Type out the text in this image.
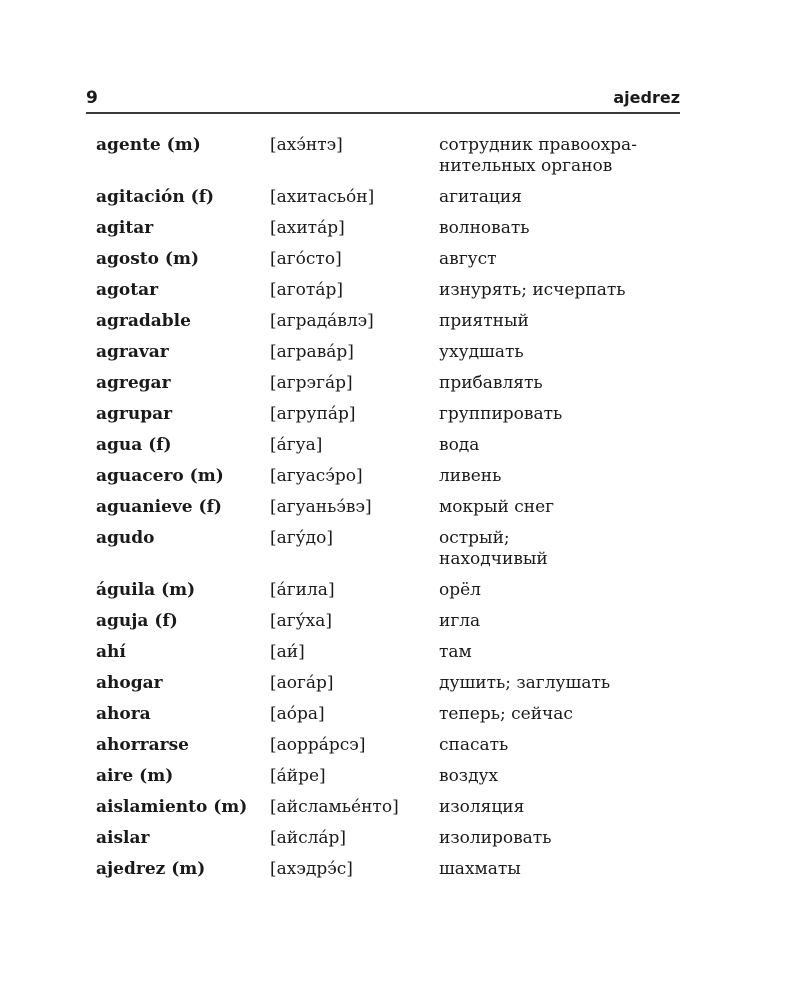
9	ajedrez
agente (m)	[ахэ́нтэ]	сотрудник правоохра-
нительных органов
agitación (f)	[ахитасьо́н]	агитация
agitar	[ахита́р]	волновать
agosto (m)	[аго́сто]	август
agotar	[агота́р]	изнурять; исчерпать
agradable	[аграда́влэ]	приятный
agravar	[аграва́р]	ухудшать
agregar	[агрэга́р]	прибавлять
agrupar	[агрупа́р]	группировать
agua (f)	[а́гуа]	вода
aguacero (m)	[агуасэ́ро]	ливень
aguanieve (f)	[агуаньэ́вэ]	мокрый снег
agudo	[агу́до]	острый;
находчивый
águila (m)	[а́гила]	орёл
aguja (f)	[агу́ха]	игла
ahí	[аи́]	там
ahogar	[аога́р]	душить; заглушать
ahora	[ао́ра]	теперь; сейчас
ahorrarse	[аорра́рсэ]	спасать
aire (m)	[а́йре]	воздух
aislamiento (m)	[айсламье́нто]	изоляция
aislar	[айсла́р]	изолировать
ajedrez (m)	[ахэдрэ́с]	шахматы
